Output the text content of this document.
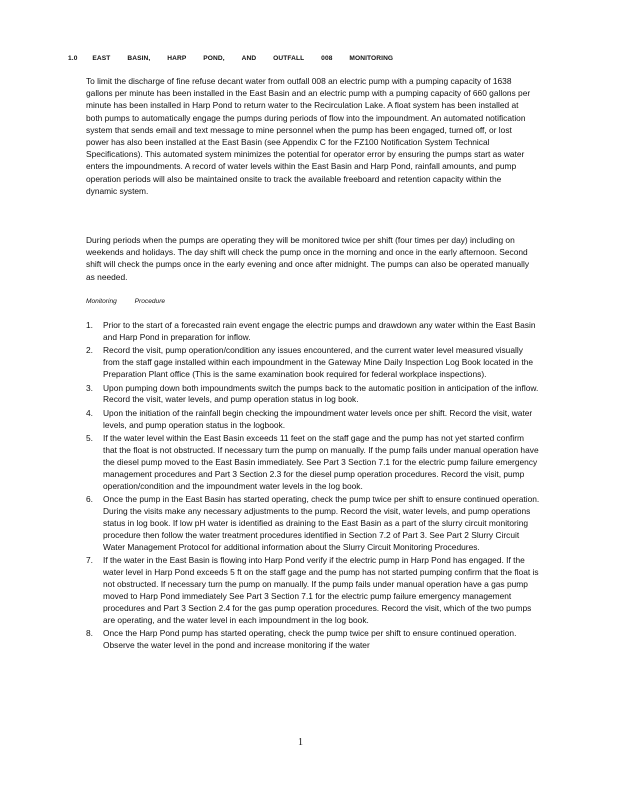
1.0 EAST	BASIN,	HARP	POND,	AND	OUTFALL	008	MONITORING

To limit the discharge of fine refuse decant water from outfall 008 an electric pump with a pumping capacity of 1638 gallons per minute has been installed in the East Basin and an electric pump with a pumping capacity of 660 gallons per minute has been installed in Harp Pond to return water to the Recirculation Lake. A float system has been installed at both pumps to automatically engage the pumps during periods of flow into the impoundment. An automated notification system that sends email and text message to mine personnel when the pump has been engaged, turned off, or lost power has also been installed at the East Basin (see Appendix C for the FZ100 Notification System Technical Specifications). This automated system minimizes the potential for operator error by ensuring the pumps start as water enters the impoundments. A record of water levels within the East Basin and Harp Pond, rainfall amounts, and pump operation periods will also be maintained onsite to track the available freeboard and retention capacity within the dynamic system.

During periods when the pumps are operating they will be monitored twice per shift (four times per day) including on weekends and holidays. The day shift will check the pump once in the morning and once in the early afternoon. Second shift will check the pumps once in the early evening and once after midnight. The pumps can also be operated manually as needed.

Monitoring	Procedure
1. Prior to the start of a forecasted rain event engage the electric pumps and drawdown any water within the East Basin and Harp Pond in preparation for inflow.
2. Record the visit, pump operation/condition any issues encountered, and the current water level measured visually from the staff gage installed within each impoundment in the Gateway Mine Daily Inspection Log Book located in the Preparation Plant office (This is the same examination book required for federal workplace inspections).
3. Upon pumping down both impoundments switch the pumps back to the automatic position in anticipation of the inflow. Record the visit, water levels, and pump operation status in log book.
4. Upon the initiation of the rainfall begin checking the impoundment water levels once per shift. Record the visit, water levels, and pump operation status in the logbook.
5. If the water level within the East Basin exceeds 11 feet on the staff gage and the pump has not yet started confirm that the float is not obstructed. If necessary turn the pump on manually. If the pump fails under manual operation have the diesel pump moved to the East Basin immediately. See Part 3 Section 7.1 for the electric pump failure emergency management procedures and Part 3 Section 2.3 for the diesel pump operation procedures. Record the visit, pump operation/condition and the impoundment water levels in the log book.
6. Once the pump in the East Basin has started operating, check the pump twice per shift to ensure continued operation. During the visits make any necessary adjustments to the pump. Record the visit, water levels, and pump operations status in log book. If low pH water is identified as draining to the East Basin as a part of the slurry circuit monitoring procedure then follow the water treatment procedures identified in Section 7.2 of Part 3. See Part 2 Slurry Circuit Water Management Protocol for additional information about the Slurry Circuit Monitoring Procedures.
7. If the water in the East Basin is flowing into Harp Pond verify if the electric pump in Harp Pond has engaged. If the water level in Harp Pond exceeds 5 ft on the staff gage and the pump has not started pumping confirm that the float is not obstructed. If necessary turn the pump on manually. If the pump fails under manual operation have a gas pump moved to Harp Pond immediately See Part 3 Section 7.1 for the electric pump failure emergency management procedures and Part 3 Section 2.4 for the gas pump operation procedures. Record the visit, which of the two pumps are operating, and the water level in each impoundment in the log book.
8. Once the Harp Pond pump has started operating, check the pump twice per shift to ensure continued operation. Observe the water level in the pond and increase monitoring if the water
1
